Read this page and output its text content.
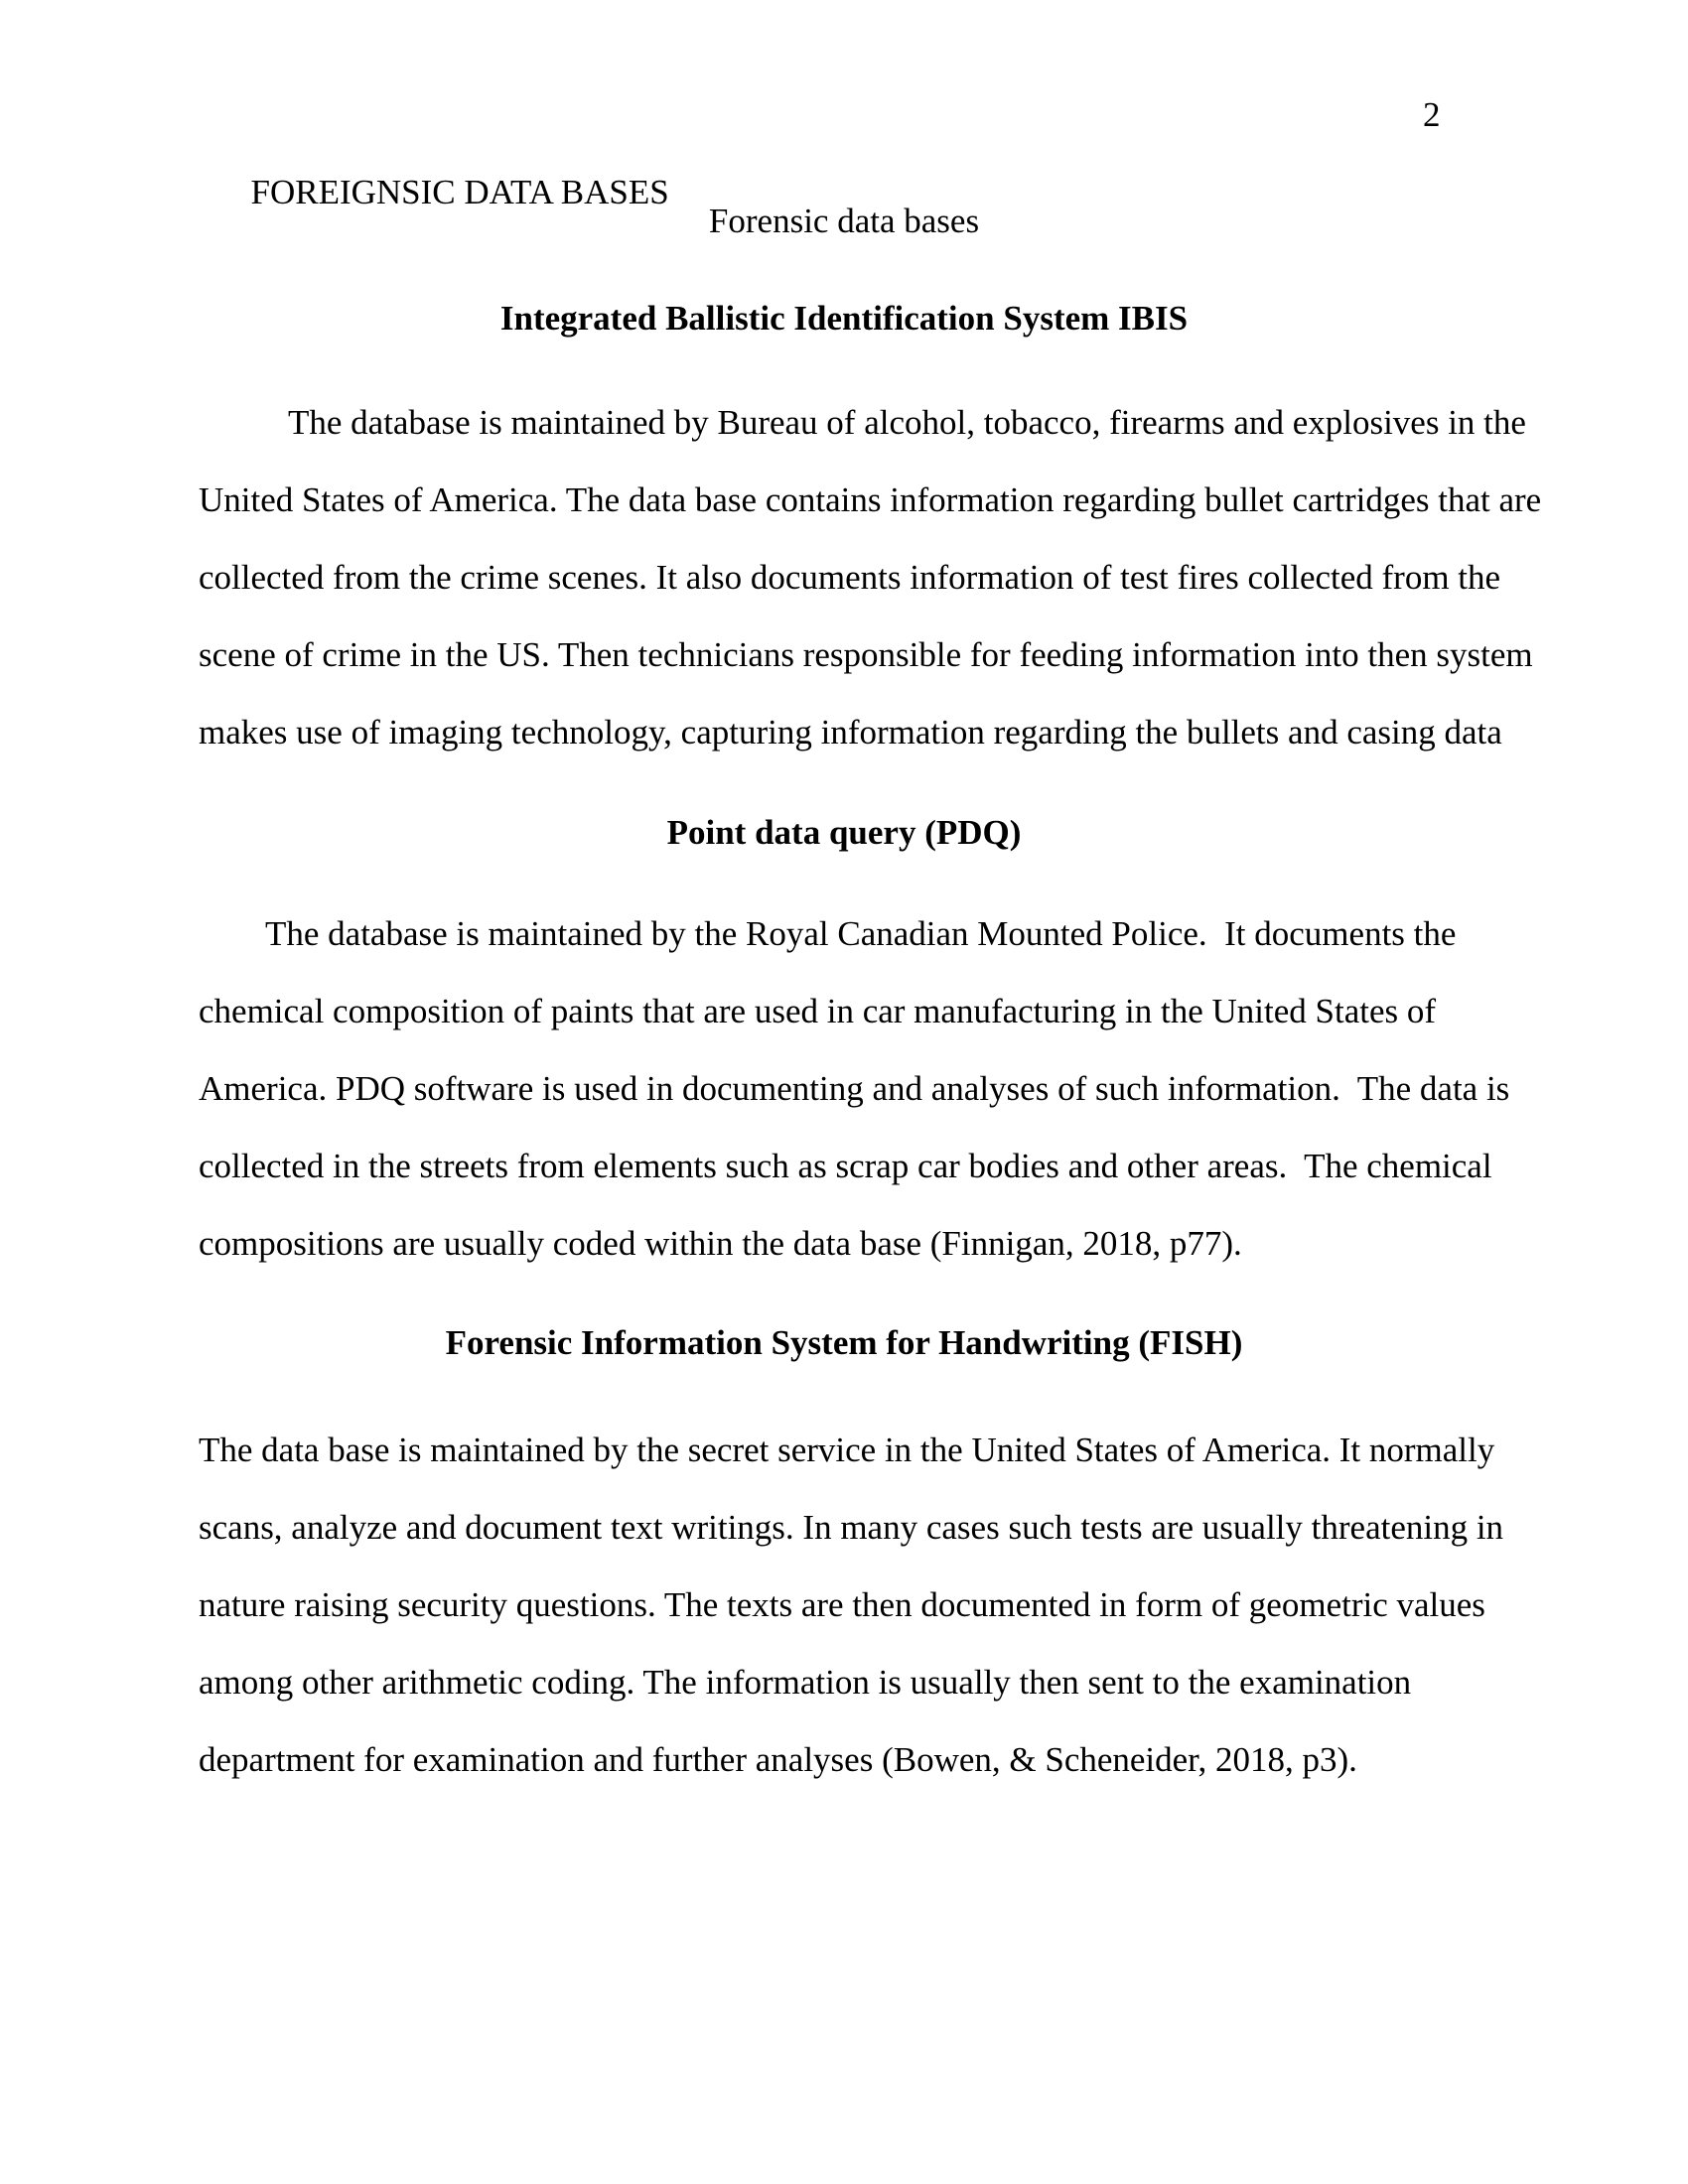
FOREIGNSIC DATA BASES

2

Forensic data bases
Integrated Ballistic Identification System IBIS
The database is maintained by Bureau of alcohol, tobacco, firearms and explosives in the
United States of America. The data base contains information regarding bullet cartridges that are
collected from the crime scenes. It also documents information of test fires collected from the
scene of crime in the US. Then technicians responsible for feeding information into then system
makes use of imaging technology, capturing information regarding the bullets and casing data
Point data query (PDQ)
The database is maintained by the Royal Canadian Mounted Police.  It documents the
chemical composition of paints that are used in car manufacturing in the United States of
America. PDQ software is used in documenting and analyses of such information.  The data is
collected in the streets from elements such as scrap car bodies and other areas.  The chemical
compositions are usually coded within the data base (Finnigan, 2018, p77).
Forensic Information System for Handwriting (FISH)
The data base is maintained by the secret service in the United States of America. It normally
scans, analyze and document text writings. In many cases such tests are usually threatening in
nature raising security questions. The texts are then documented in form of geometric values
among other arithmetic coding. The information is usually then sent to the examination
department for examination and further analyses (Bowen, & Scheneider, 2018, p3).
